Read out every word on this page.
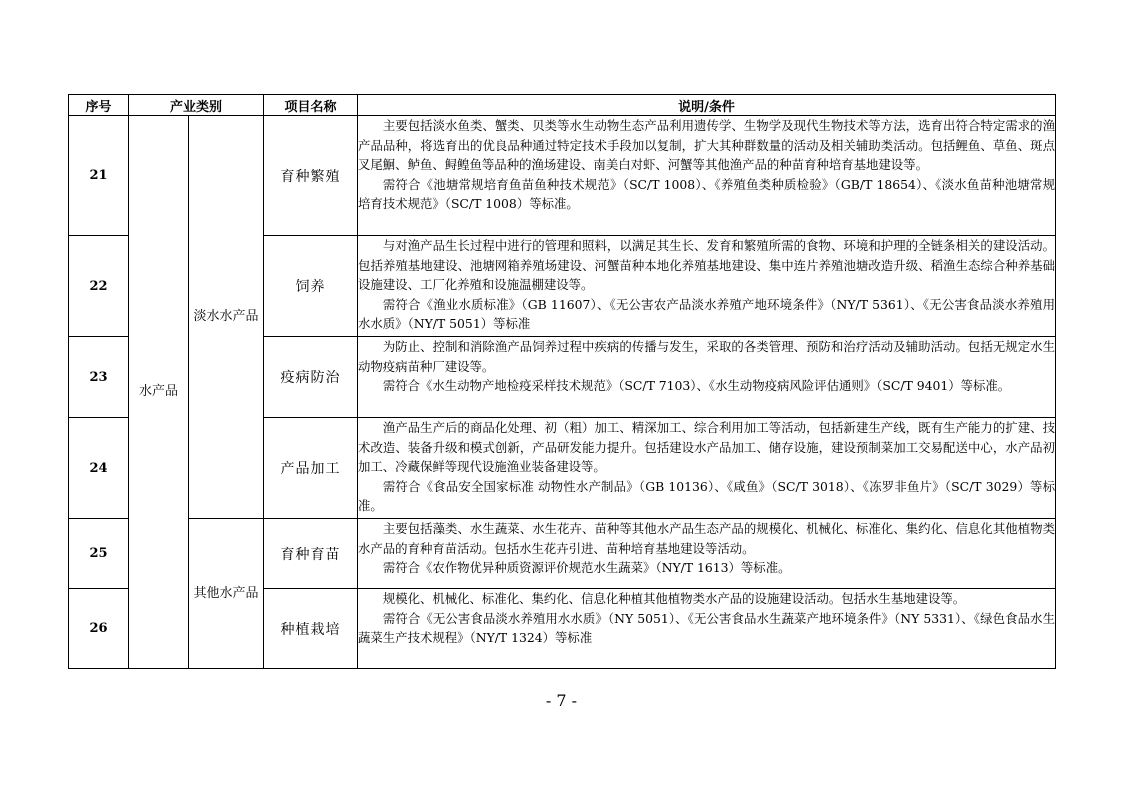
序号	产业类别		项目名称	说明/条件
21	水产品	淡水水产品	育种繁殖	主要包括淡水鱼类、蟹类、贝类等水生动物生态产品利用遗传学、生物学及现代生物技术等方法，选育出符合特定需求的渔产品品种，将选育出的优良品种通过特定技术手段加以复制，扩大其种群数量的活动及相关辅助类活动。包括鲤鱼、草鱼、斑点叉尾鮰、鲈鱼、鲟鳇鱼等品种的渔场建设、南美白对虾、河蟹等其他渔产品的种苗育种培育基地建设等。

需符合《池塘常规培育鱼苗鱼种技术规范》（SC/T 1008）、《养殖鱼类种质检验》（GB/T 18654）、《淡水鱼苗种池塘常规培育技术规范》（SC/T 1008）等标准。

22			饲养	与对渔产品生长过程中进行的管理和照料，以满足其生长、发育和繁殖所需的食物、环境和护理的全链条相关的建设活动。包括养殖基地建设、池塘网箱养殖场建设、河蟹苗种本地化养殖基地建设、集中连片养殖池塘改造升级、稻渔生态综合种养基础设施建设、工厂化养殖和设施温棚建设等。

需符合《渔业水质标准》（GB 11607）、《无公害农产品淡水养殖产地环境条件》（NY/T 5361）、《无公害食品淡水养殖用水水质》（NY/T 5051）等标准

23			疫病防治	为防止、控制和消除渔产品饲养过程中疾病的传播与发生，采取的各类管理、预防和治疗活动及辅助活动。包括无规定水生动物疫病苗种厂建设等。

需符合《水生动物产地检疫采样技术规范》（SC/T 7103）、《水生动物疫病风险评估通则》（SC/T 9401）等标准。

24			产品加工	渔产品生产后的商品化处理、初（粗）加工、精深加工、综合利用加工等活动，包括新建生产线，既有生产能力的扩建、技术改造、装备升级和模式创新，产品研发能力提升。包括建设水产品加工、储存设施，建设预制菜加工交易配送中心，水产品初加工、冷藏保鲜等现代设施渔业装备建设等。

需符合《食品安全国家标准 动物性水产制品》（GB 10136）、《咸鱼》（SC/T 3018）、《冻罗非鱼片》（SC/T 3029）等标准。

25		其他水产品	育种育苗	主要包括藻类、水生蔬菜、水生花卉、苗种等其他水产品生态产品的规模化、机械化、标准化、集约化、信息化其他植物类水产品的育种育苗活动。包括水生花卉引进、苗种培育基地建设等活动。

需符合《农作物优异种质资源评价规范水生蔬菜》（NY/T 1613）等标准。

26			种植栽培	规模化、机械化、标准化、集约化、信息化种植其他植物类水产品的设施建设活动。包括水生基地建设等。

需符合《无公害食品淡水养殖用水水质》（NY 5051）、《无公害食品水生蔬菜产地环境条件》（NY 5331）、《绿色食品水生蔬菜生产技术规程》（NY/T 1324）等标准

- 7 -
